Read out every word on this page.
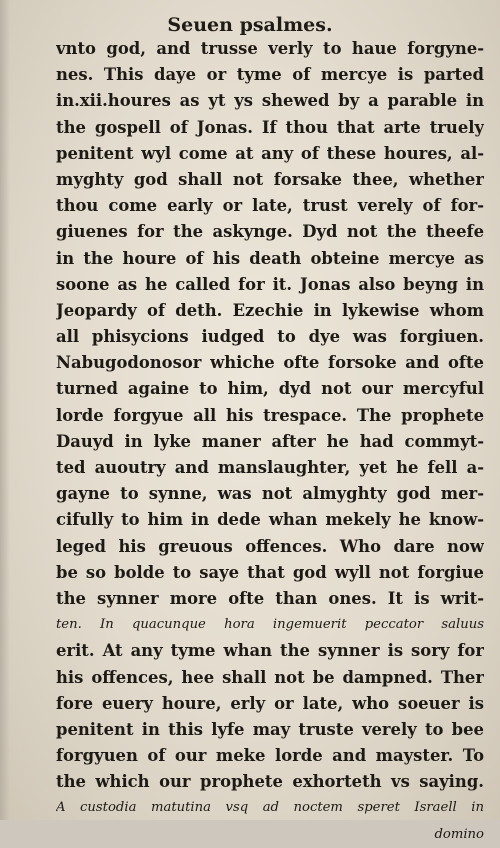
Seuen psalmes.
vnto god, and trusse verly to haue forgyne-
nes. This daye or tyme of mercye is parted
in.xii.houres as yt ys shewed by a parable in
the gospell of Jonas. If thou that arte truely
penitent wyl come at any of these houres, al-
myghty god shall not forsake thee, whether
thou come early or late, trust verely of for-
giuenes for the askynge. Dyd not the theefe
in the houre of his death obteine mercye as
soone as he called for it. Jonas also beyng in
Jeopardy of deth. Ezechie in lykewise whom
all phisycions iudged to dye was forgiuen.
Nabugodonosor whiche ofte forsoke and ofte
turned againe to him, dyd not our mercyful
lorde forgyue all his trespace. The prophete
Dauyd in lyke maner after he had commyt-
ted auoutry and manslaughter, yet he fell a-
gayne to synne, was not almyghty god mer-
cifully to him in dede whan mekely he know-
leged his greuous offences. Who dare now
be so bolde to saye that god wyll not forgiue
the synner more ofte than ones. It is writ-
ten. In quacunque hora ingemuerit peccator saluus
erit. At any tyme whan the synner is sory for
his offences, hee shall not be dampned. Ther
fore euery houre, erly or late, who soeuer is
penitent in this lyfe may truste verely to bee
forgyuen of our meke lorde and mayster. To
the which our prophete exhorteth vs saying.
A custodia matutina vsq ad noctem speret Israell in
domino
